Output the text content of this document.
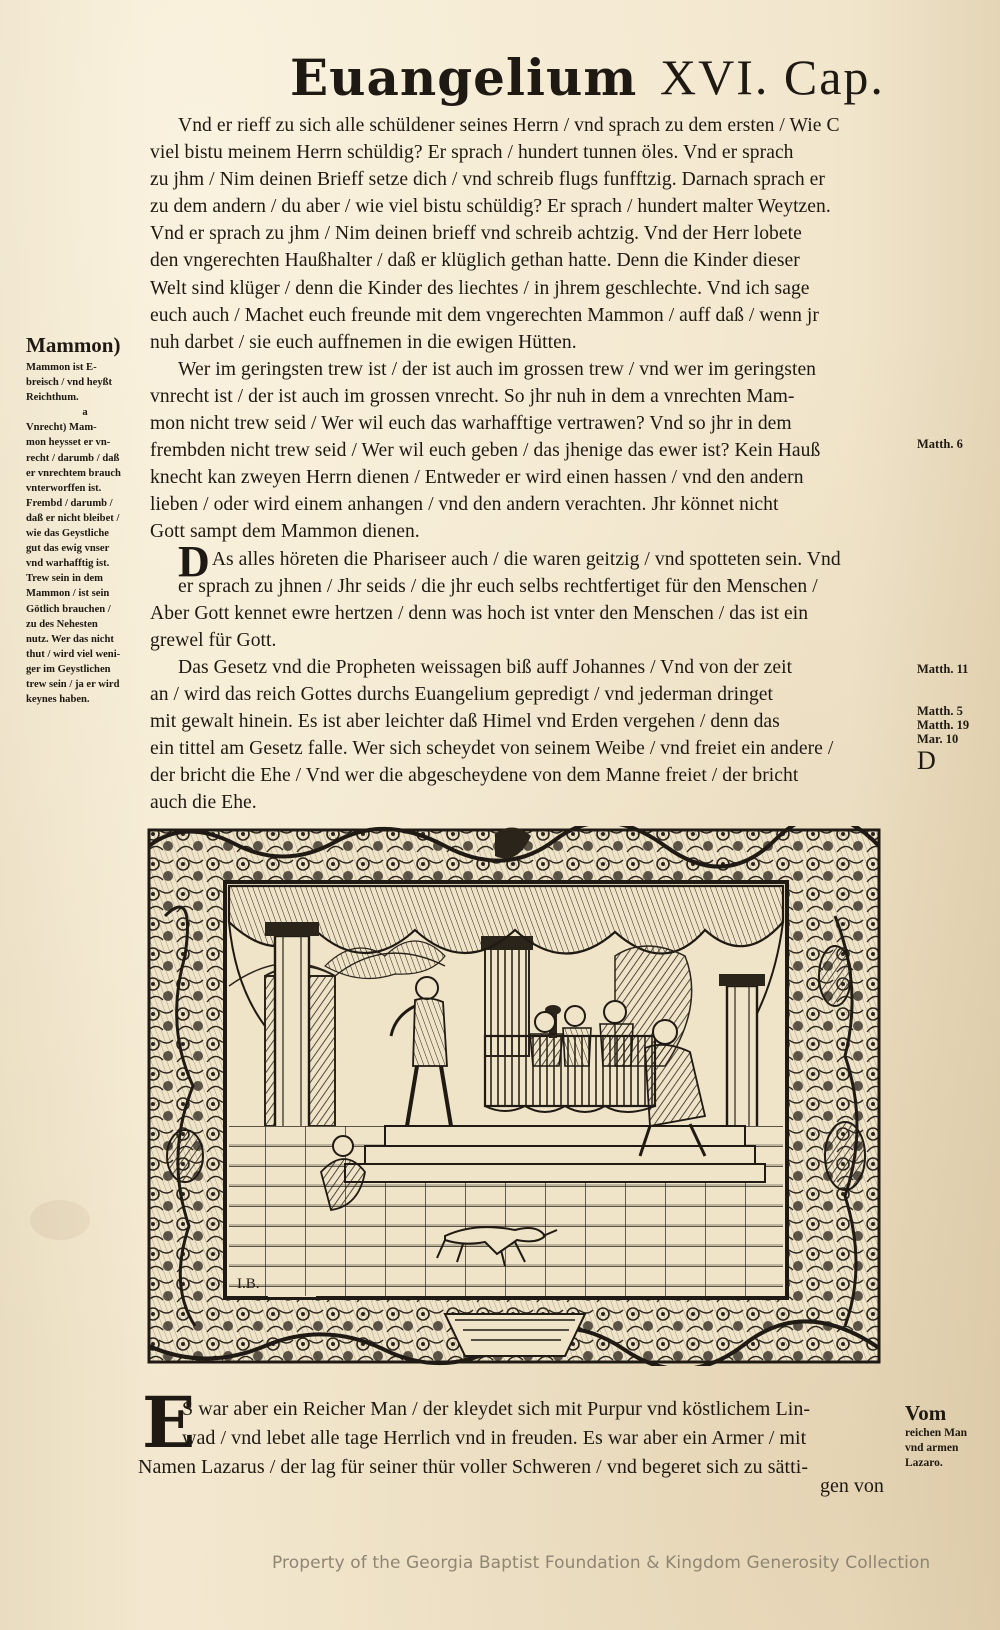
Euangelium XVI. Cap.
Vnd er rieff zu sich alle schüldener seines Herrn / vnd sprach zu dem ersten / Wie C
viel bistu meinem Herrn schüldig? Er sprach / hundert tunnen öles. Vnd er sprach
zu jhm / Nim deinen Brieff setze dich / vnd schreib flugs funfftzig. Darnach sprach er
zu dem andern / du aber / wie viel bistu schüldig? Er sprach / hundert malter Weytzen.
Vnd er sprach zu jhm / Nim deinen brieff vnd schreib achtzig. Vnd der Herr lobete
den vngerechten Haußhalter / daß er klüglich gethan hatte. Denn die Kinder dieser
Welt sind klüger / denn die Kinder des liechtes / in jhrem geschlechte. Vnd ich sage
euch auch / Machet euch freunde mit dem vngerechten Mammon / auff daß / wenn jr
nuh darbet / sie euch auffnemen in die ewigen Hütten.
Wer im geringsten trew ist / der ist auch im grossen trew / vnd wer im geringsten
vnrecht ist / der ist auch im grossen vnrecht. So jhr nuh in dem a vnrechten Mam-
mon nicht trew seid / Wer wil euch das warhafftige vertrawen? Vnd so jhr in dem
frembden nicht trew seid / Wer wil euch geben / das jhenige das ewer ist? Kein Hauß
knecht kan zweyen Herrn dienen / Entweder er wird einen hassen / vnd den andern
lieben / oder wird einem anhangen / vnd den andern verachten. Jhr könnet nicht
Gott sampt dem Mammon dienen.
D As alles höreten die Phariseer auch / die waren geitzig / vnd spotteten sein. Vnd
er sprach zu jhnen / Jhr seids / die jhr euch selbs rechtfertiget für den Menschen /
Aber Gott kennet ewre hertzen / denn was hoch ist vnter den Menschen / das ist ein
grewel für Gott.
Das Gesetz vnd die Propheten weissagen biß auff Johannes / Vnd von der zeit
an / wird das reich Gottes durchs Euangelium gepredigt / vnd jederman dringet
mit gewalt hinein. Es ist aber leichter daß Himel vnd Erden vergehen / denn das
ein tittel am Gesetz falle. Wer sich scheydet von seinem Weibe / vnd freiet ein andere /
der bricht die Ehe / Vnd wer die abgescheydene von dem Manne freiet / der bricht
auch die Ehe.
Mammon)
Mammon ist E-
breisch / vnd heyßt
Reichthum.
a
Vnrecht) Mam-
mon heysset er vn-
recht / darumb / daß
er vnrechtem brauch
vnterworffen ist.
Frembd / darumb /
daß er nicht bleibet /
wie das Geystliche
gut das ewig vnser
vnd warhafftig ist.
Trew sein in dem
Mammon / ist sein
Götlich brauchen /
zu des Nehesten
nutz. Wer das nicht
thut / wird viel weni-
ger im Geystlichen
trew sein / ja er wird
keynes haben.
Matth. 6
Matth. 11
Matth. 5
Matth. 19
Mar. 10
D
I.B.
E
S war aber ein Reicher Man / der kleydet sich mit Purpur vnd köstlichem Lin-
wad / vnd lebet alle tage Herrlich vnd in freuden. Es war aber ein Armer / mit
Namen Lazarus / der lag für seiner thür voller Schweren / vnd begeret sich zu sätti-
gen von
Vom
reichen Man
vnd armen
Lazaro.
Property of the Georgia Baptist Foundation & Kingdom Generosity Collection
